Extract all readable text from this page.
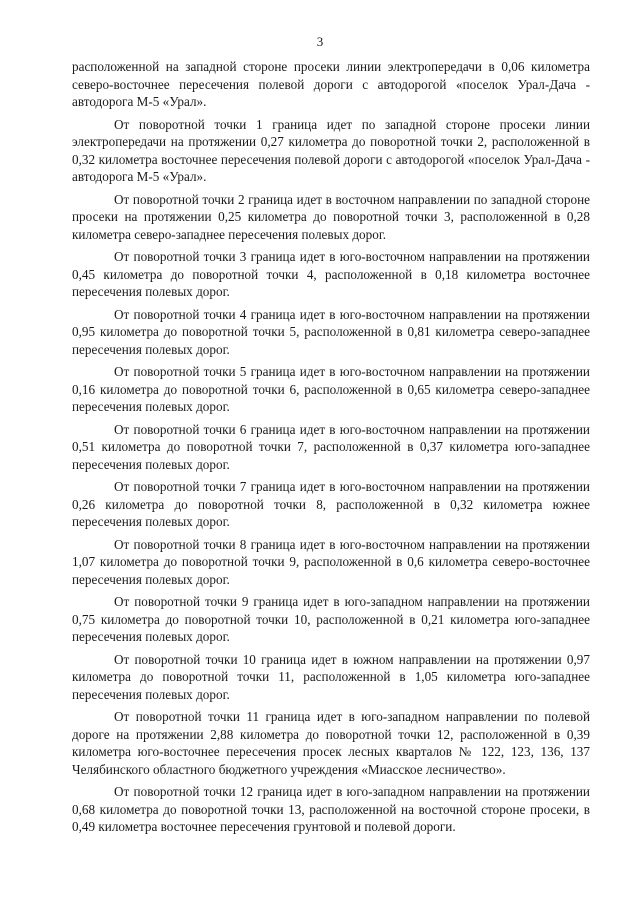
3

расположенной на западной стороне просеки линии электропередачи в 0,06 километра северо-восточнее пересечения полевой дороги с автодорогой «поселок Урал-Дача - автодорога М-5 «Урал».

От поворотной точки 1 граница идет по западной стороне просеки линии электропередачи на протяжении 0,27 километра до поворотной точки 2, расположенной в 0,32 километра восточнее пересечения полевой дороги с автодорогой «поселок Урал-Дача - автодорога М-5 «Урал».

От поворотной точки 2 граница идет в восточном направлении по западной стороне просеки на протяжении 0,25 километра до поворотной точки 3, расположенной в 0,28 километра северо-западнее пересечения полевых дорог.

От поворотной точки 3 граница идет в юго-восточном направлении на протяжении 0,45 километра до поворотной точки 4, расположенной в 0,18 километра восточнее пересечения полевых дорог.

От поворотной точки 4 граница идет в юго-восточном направлении на протяжении 0,95 километра до поворотной точки 5, расположенной в 0,81 километра северо-западнее пересечения полевых дорог.

От поворотной точки 5 граница идет в юго-восточном направлении на протяжении 0,16 километра до поворотной точки 6, расположенной в 0,65 километра северо-западнее пересечения полевых дорог.

От поворотной точки 6 граница идет в юго-восточном направлении на протяжении 0,51 километра до поворотной точки 7, расположенной в 0,37 километра юго-западнее пересечения полевых дорог.

От поворотной точки 7 граница идет в юго-восточном направлении на протяжении 0,26 километра до поворотной точки 8, расположенной в 0,32 километра южнее пересечения полевых дорог.

От поворотной точки 8 граница идет в юго-восточном направлении на протяжении 1,07 километра до поворотной точки 9, расположенной в 0,6 километра северо-восточнее пересечения полевых дорог.

От поворотной точки 9 граница идет в юго-западном направлении на протяжении 0,75 километра до поворотной точки 10, расположенной в 0,21 километра юго-западнее пересечения полевых дорог.

От поворотной точки 10 граница идет в южном направлении на протяжении 0,97 километра до поворотной точки 11, расположенной в 1,05 километра юго-западнее пересечения полевых дорог.

От поворотной точки 11 граница идет в юго-западном направлении по полевой дороге на протяжении 2,88 километра до поворотной точки 12, расположенной в 0,39 километра юго-восточнее пересечения просек лесных кварталов № 122, 123, 136, 137 Челябинского областного бюджетного учреждения «Миасское лесничество».

От поворотной точки 12 граница идет в юго-западном направлении на протяжении 0,68 километра до поворотной точки 13, расположенной на восточной стороне просеки, в 0,49 километра восточнее пересечения грунтовой и полевой дороги.
